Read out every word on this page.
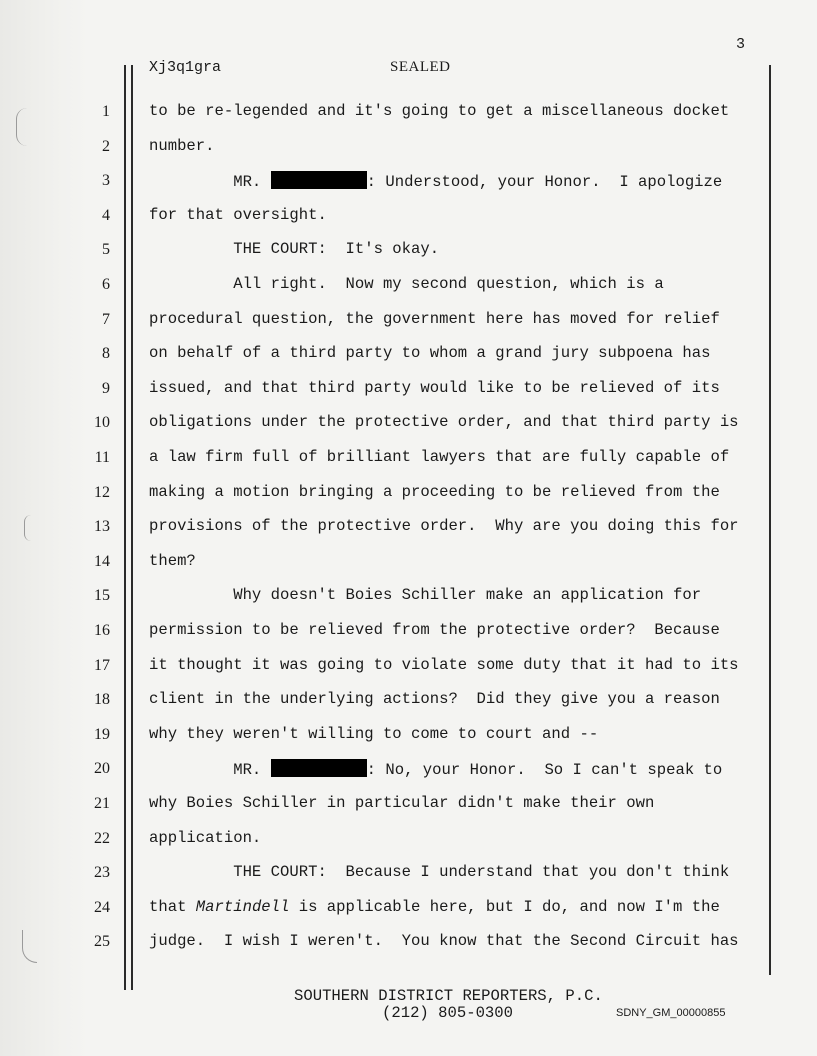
3
Xj3q1gra	SEALED
1	to be re-legended and it's going to get a miscellaneous docket
2	number.
3	MR.	: Understood, your Honor.  I apologize
4	for that oversight.
5	THE COURT:  It's okay.
6	All right.  Now my second question, which is a
7	procedural question, the government here has moved for relief
8	on behalf of a third party to whom a grand jury subpoena has
9	issued, and that third party would like to be relieved of its
10	obligations under the protective order, and that third party is
11	a law firm full of brilliant lawyers that are fully capable of
12	making a motion bringing a proceeding to be relieved from the
13	provisions of the protective order.  Why are you doing this for
14	them?
15	Why doesn't Boies Schiller make an application for
16	permission to be relieved from the protective order?  Because
17	it thought it was going to violate some duty that it had to its
18	client in the underlying actions?  Did they give you a reason
19	why they weren't willing to come to court and --
20	MR.	: No, your Honor.  So I can't speak to
21	why Boies Schiller in particular didn't make their own
22	application.
23	THE COURT:  Because I understand that you don't think
24	that Martindell is applicable here, but I do, and now I'm the
25	judge.  I wish I weren't.  You know that the Second Circuit has
SOUTHERN DISTRICT REPORTERS, P.C.
(212) 805-0300	SDNY_GM_00000855
